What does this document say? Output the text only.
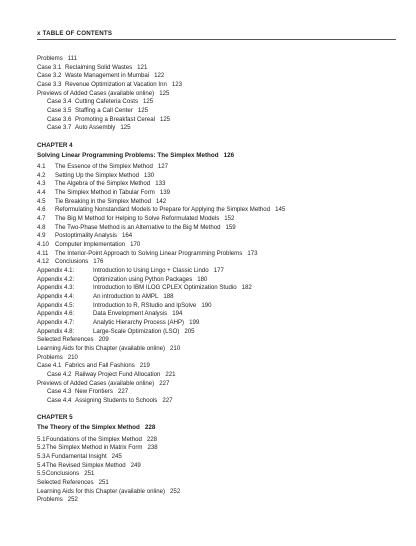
x TABLE OF CONTENTS
Problems 111
Case 3.1 Reclaiming Solid Wastes 121
Case 3.2 Waste Management in Mumbai 122
Case 3.3 Revenue Optimization at Vacation Inn 123
Previews of Added Cases (available online) 125
Case 3.4 Cutting Cafeteria Costs 125
Case 3.5 Staffing a Call Center 125
Case 3.6 Promoting a Breakfast Cereal 125
Case 3.7 Auto Assembly 125
CHAPTER 4
Solving Linear Programming Problems: The Simplex Method 126
4.1 The Essence of the Simplex Method 127
4.2 Setting Up the Simplex Method 130
4.3 The Algebra of the Simplex Method 133
4.4 The Simplex Method in Tabular Form 139
4.5 Tie Breaking in the Simplex Method 142
4.6 Reformulating Nonstandard Models to Prepare for Applying the Simplex Method 145
4.7 The Big M Method for Helping to Solve Reformulated Models 152
4.8 The Two-Phase Method is an Alternative to the Big M Method 159
4.9 Postoptimality Analysis 164
4.10 Computer Implementation 170
4.11 The Interior-Point Approach to Solving Linear Programming Problems 173
4.12 Conclusions 176
Appendix 4.1:	Introduction to Using Lingo + Classic Lindo 177
Appendix 4.2:	Optimization using Python Packages 180
Appendix 4.3:	Introduction to IBM ILOG CPLEX Optimization Studio 182
Appendix 4.4:	An introduction to AMPL 188
Appendix 4.5:	Introduction to R, RStudio and lpSolve 190
Appendix 4.6:	Data Envelopment Analysis 194
Appendix 4.7:	Analytic Hierarchy Process (AHP) 199
Appendix 4.8:	Large-Scale Optimization (LSO) 205
Selected References 209
Learning Aids for this Chapter (available online) 210
Problems 210
Case 4.1 Fabrics and Fall Fashions 219
Case 4.2 Railway Project Fund Allocation 221
Previews of Added Cases (available online) 227
Case 4.3 New Frontiers 227
Case 4.4 Assigning Students to Schools 227
CHAPTER 5
The Theory of the Simplex Method 228
5.1Foundations of the Simplex Method 228
5.2The Simplex Method in Matrix Form 238
5.3A Fundamental Insight 245
5.4The Revised Simplex Method 249
5.5Conclusions 251
Selected References 251
Learning Aids for this Chapter (available online) 252
Problems 252
